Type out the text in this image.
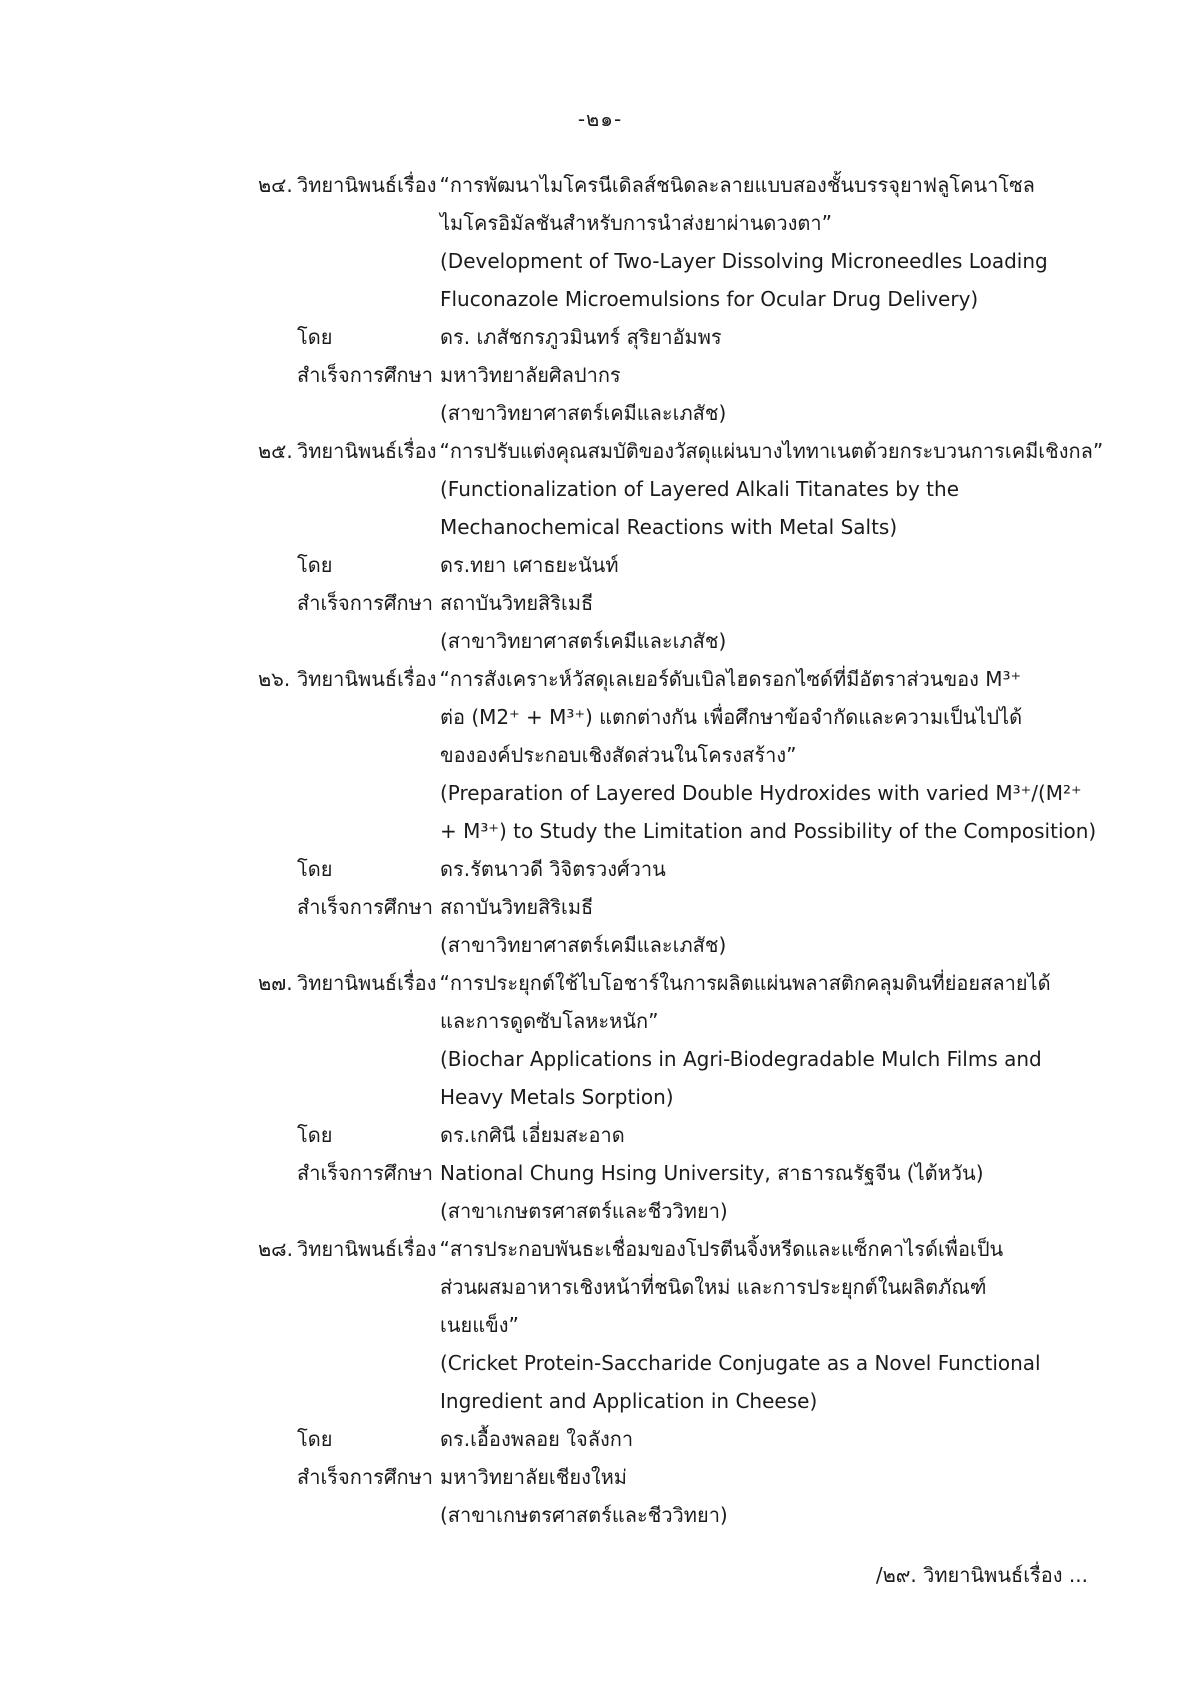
-๒๑-
๒๔. วิทยานิพนธ์เรื่อง “การพัฒนาไมโครนีเดิลส์ชนิดละลายแบบสองชั้นบรรจุยาฟลูโคนาโซล
ไมโครอิมัลชันสำหรับการนำส่งยาผ่านดวงตา”
(Development of Two-Layer Dissolving Microneedles Loading
Fluconazole Microemulsions for Ocular Drug Delivery)
โดย	ดร. เภสัชกรภูวมินทร์ สุริยาอัมพร
สำเร็จการศึกษา มหาวิทยาลัยศิลปากร
(สาขาวิทยาศาสตร์เคมีและเภสัช)
๒๕. วิทยานิพนธ์เรื่อง “การปรับแต่งคุณสมบัติของวัสดุแผ่นบางไททาเนตด้วยกระบวนการเคมีเชิงกล”
(Functionalization of Layered Alkali Titanates by the
Mechanochemical Reactions with Metal Salts)
โดย	ดร.ทยา เศาธยะนันท์
สำเร็จการศึกษา สถาบันวิทยสิริเมธี
(สาขาวิทยาศาสตร์เคมีและเภสัช)
๒๖. วิทยานิพนธ์เรื่อง “การสังเคราะห์วัสดุเลเยอร์ดับเบิลไฮดรอกไซด์ที่มีอัตราส่วนของ M³⁺
ต่อ (M2⁺ + M³⁺) แตกต่างกัน เพื่อศึกษาข้อจำกัดและความเป็นไปได้
ขององค์ประกอบเชิงสัดส่วนในโครงสร้าง”
(Preparation of Layered Double Hydroxides with varied M³⁺/(M²⁺
+ M³⁺) to Study the Limitation and Possibility of the Composition)
โดย	ดร.รัตนาวดี วิจิตรวงศ์วาน
สำเร็จการศึกษา สถาบันวิทยสิริเมธี
(สาขาวิทยาศาสตร์เคมีและเภสัช)
๒๗. วิทยานิพนธ์เรื่อง “การประยุกต์ใช้ไบโอชาร์ในการผลิตแผ่นพลาสติกคลุมดินที่ย่อยสลายได้
และการดูดซับโลหะหนัก”
(Biochar Applications in Agri-Biodegradable Mulch Films and
Heavy Metals Sorption)
โดย	ดร.เกศินี เอี่ยมสะอาด
สำเร็จการศึกษา National Chung Hsing University, สาธารณรัฐจีน (ไต้หวัน)
(สาขาเกษตรศาสตร์และชีววิทยา)
๒๘. วิทยานิพนธ์เรื่อง “สารประกอบพันธะเชื่อมของโปรตีนจิ้งหรีดและแซ็กคาไรด์เพื่อเป็น
ส่วนผสมอาหารเชิงหน้าที่ชนิดใหม่ และการประยุกต์ในผลิตภัณฑ์
เนยแข็ง”
(Cricket Protein-Saccharide Conjugate as a Novel Functional
Ingredient and Application in Cheese)
โดย	ดร.เอื้องพลอย ใจลังกา
สำเร็จการศึกษา มหาวิทยาลัยเชียงใหม่
(สาขาเกษตรศาสตร์และชีววิทยา)
/๒๙. วิทยานิพนธ์เรื่อง ...
